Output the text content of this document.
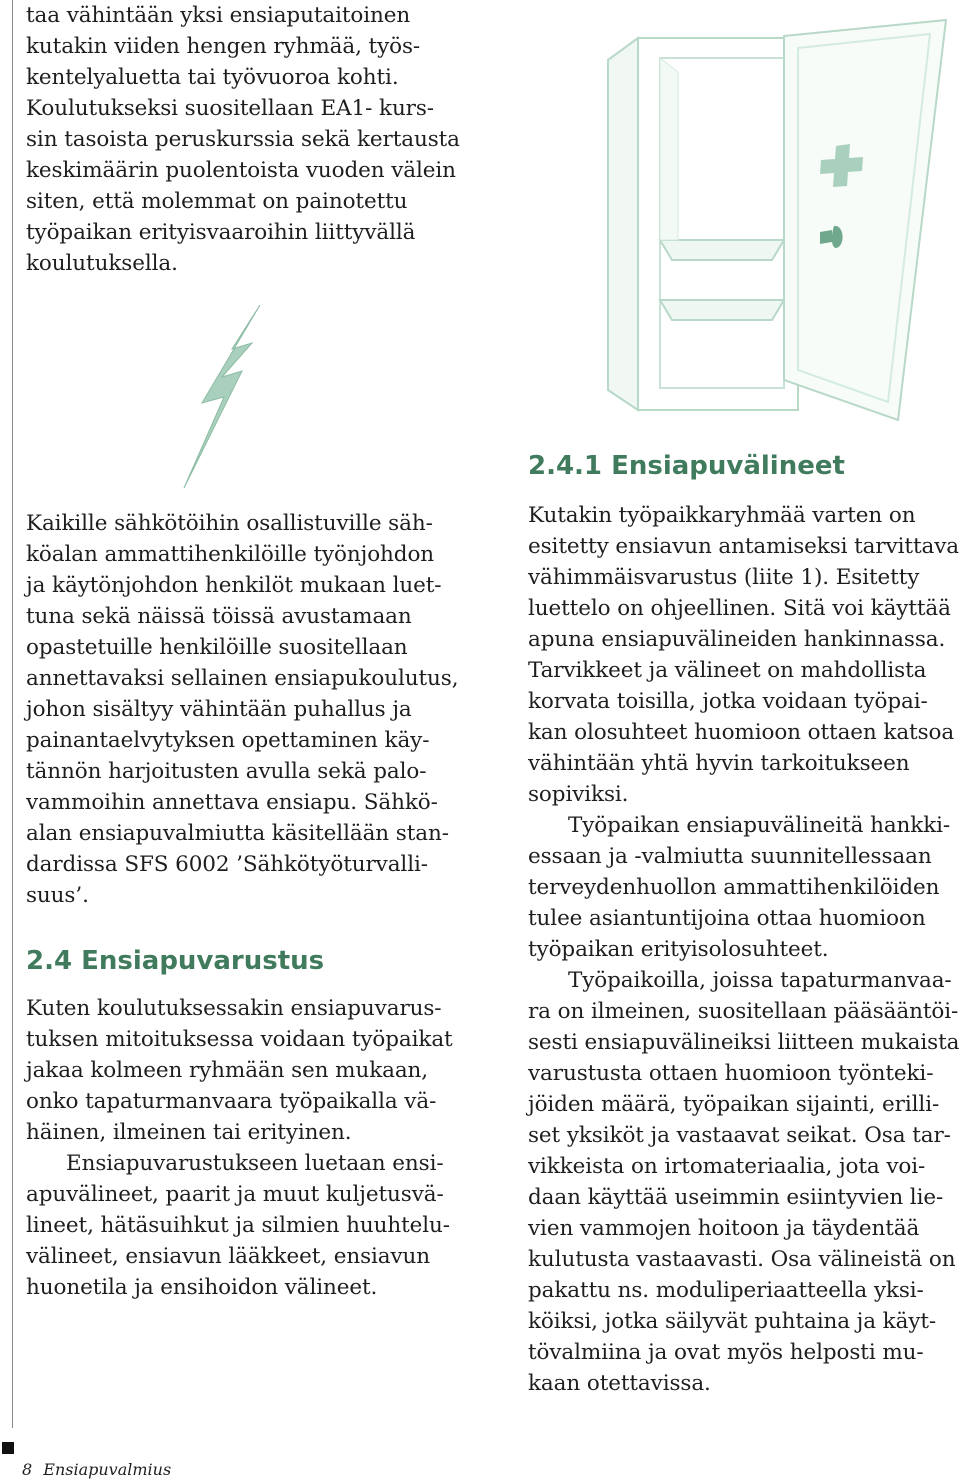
taa vähintään yksi ensiaputaitoinen
kutakin viiden hengen ryhmää, työs-
kentelyaluetta tai työvuoroa kohti.
Koulutukseksi suositellaan EA1- kurs-
sin tasoista peruskurssia sekä kertausta
keskimäärin puolentoista vuoden välein
siten, että molemmat on painotettu
työpaikan erityisvaaroihin liittyvällä
koulutuksella.
Kaikille sähkötöihin osallistuville säh-
köalan ammattihenkilöille työnjohdon
ja käytönjohdon henkilöt mukaan luet-
tuna sekä näissä töissä avustamaan
opastetuille henkilöille suositellaan
annettavaksi sellainen ensiapukoulutus,
johon sisältyy vähintään puhallus ja
painantaelvytyksen opettaminen käy-
tännön harjoitusten avulla sekä palo-
vammoihin annettava ensiapu. Sähkö-
alan ensiapuvalmiutta käsitellään stan-
dardissa SFS 6002 ’Sähkötyöturvalli-
suus’.
2.4 Ensiapuvarustus
Kuten koulutuksessakin ensiapuvarus-
tuksen mitoituksessa voidaan työpaikat
jakaa kolmeen ryhmään sen mukaan,
onko tapaturmanvaara työpaikalla vä-
häinen, ilmeinen tai erityinen.
Ensiapuvarustukseen luetaan ensi-
apuvälineet, paarit ja muut kuljetusvä-
lineet, hätäsuihkut ja silmien huuhtelu-
välineet, ensiavun lääkkeet, ensiavun
huonetila ja ensihoidon välineet.
2.4.1 Ensiapuvälineet
Kutakin työpaikkaryhmää varten on
esitetty ensiavun antamiseksi tarvittava
vähimmäisvarustus (liite 1). Esitetty
luettelo on ohjeellinen. Sitä voi käyttää
apuna ensiapuvälineiden hankinnassa.
Tarvikkeet ja välineet on mahdollista
korvata toisilla, jotka voidaan työpai-
kan olosuhteet huomioon ottaen katsoa
vähintään yhtä hyvin tarkoitukseen
sopiviksi.
Työpaikan ensiapuvälineitä hankki-
essaan ja -valmiutta suunnitellessaan
terveydenhuollon ammattihenkilöiden
tulee asiantuntijoina ottaa huomioon
työpaikan erityisolosuhteet.
Työpaikoilla, joissa tapaturmanvaa-
ra on ilmeinen, suositellaan pääsääntöi-
sesti ensiapuvälineiksi liitteen mukaista
varustusta ottaen huomioon työnteki-
jöiden määrä, työpaikan sijainti, erilli-
set yksiköt ja vastaavat seikat. Osa tar-
vikkeista on irtomateriaalia, jota voi-
daan käyttää useimmin esiintyvien lie-
vien vammojen hoitoon ja täydentää
kulutusta vastaavasti. Osa välineistä on
pakattu ns. moduliperiaatteella yksi-
köiksi, jotka säilyvät puhtaina ja käyt-
tövalmiina ja ovat myös helposti mu-
kaan otettavissa.
8 Ensiapuvalmius
